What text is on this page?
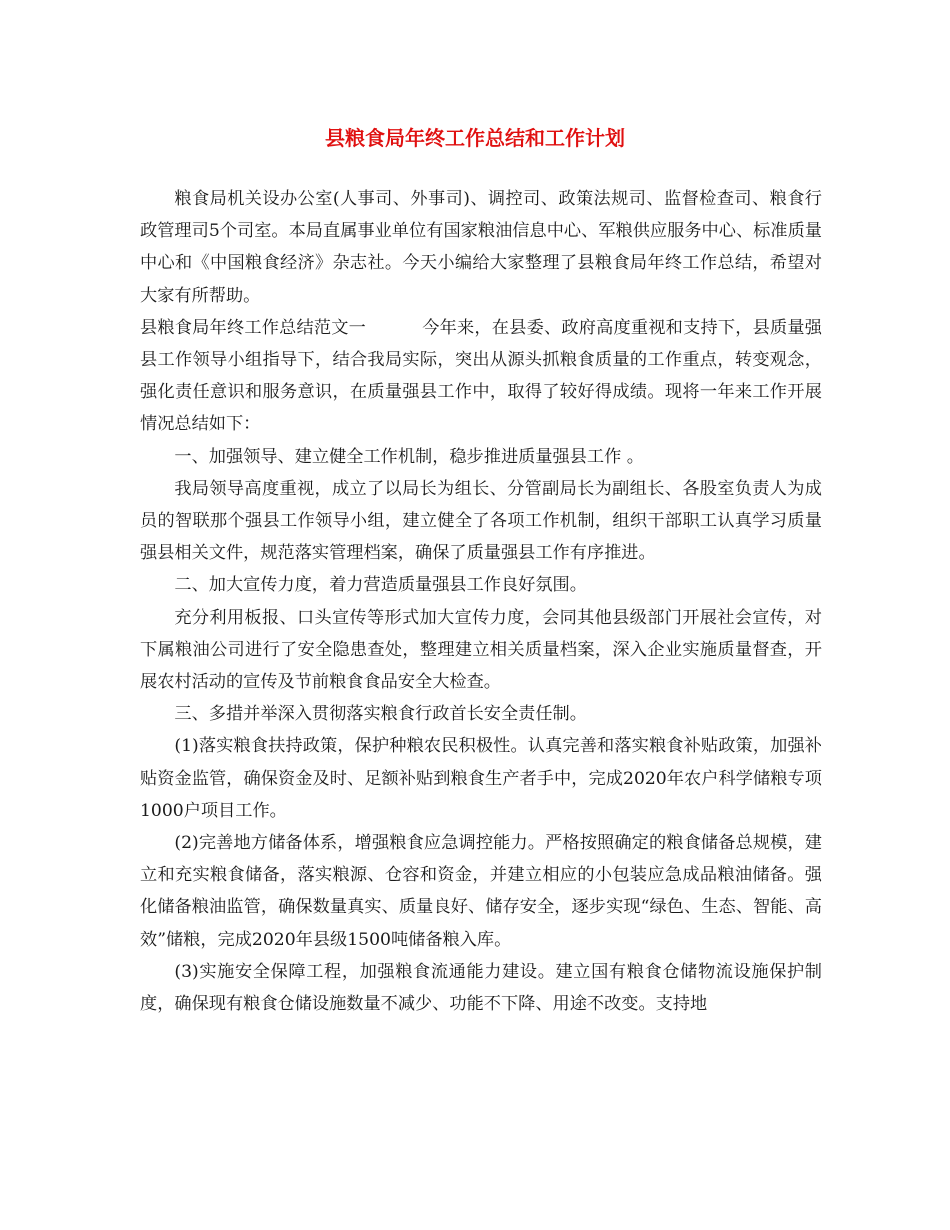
县粮食局年终工作总结和工作计划

粮食局机关设办公室(人事司、外事司)、调控司、政策法规司、监督检查司、粮食行政管理司5个司室。本局直属事业单位有国家粮油信息中心、军粮供应服务中心、标准质量中心和《中国粮食经济》杂志社。今天小编给大家整理了县粮食局年终工作总结，希望对大家有所帮助。

县粮食局年终工作总结范文一	今年来，在县委、政府高度重视和支持下，县质量强县工作领导小组指导下，结合我局实际，突出从源头抓粮食质量的工作重点，转变观念，强化责任意识和服务意识，在质量强县工作中，取得了较好得成绩。现将一年来工作开展情况总结如下：

一、加强领导、建立健全工作机制，稳步推进质量强县工作 。

我局领导高度重视，成立了以局长为组长、分管副局长为副组长、各股室负责人为成员的智联那个强县工作领导小组，建立健全了各项工作机制，组织干部职工认真学习质量强县相关文件，规范落实管理档案，确保了质量强县工作有序推进。

二、加大宣传力度，着力营造质量强县工作良好氛围。

充分利用板报、口头宣传等形式加大宣传力度，会同其他县级部门开展社会宣传，对下属粮油公司进行了安全隐患查处，整理建立相关质量档案，深入企业实施质量督查，开展农村活动的宣传及节前粮食食品安全大检查。

三、多措并举深入贯彻落实粮食行政首长安全责任制。

(1)落实粮食扶持政策，保护种粮农民积极性。认真完善和落实粮食补贴政策，加强补贴资金监管，确保资金及时、足额补贴到粮食生产者手中，完成2020年农户科学储粮专项1000户项目工作。

(2)完善地方储备体系，增强粮食应急调控能力。严格按照确定的粮食储备总规模，建立和充实粮食储备，落实粮源、仓容和资金，并建立相应的小包装应急成品粮油储备。强化储备粮油监管，确保数量真实、质量良好、储存安全，逐步实现“绿色、生态、智能、高效”储粮，完成2020年县级1500吨储备粮入库。

(3)实施安全保障工程，加强粮食流通能力建设。建立国有粮食仓储物流设施保护制度，确保现有粮食仓储设施数量不减少、功能不下降、用途不改变。支持地
